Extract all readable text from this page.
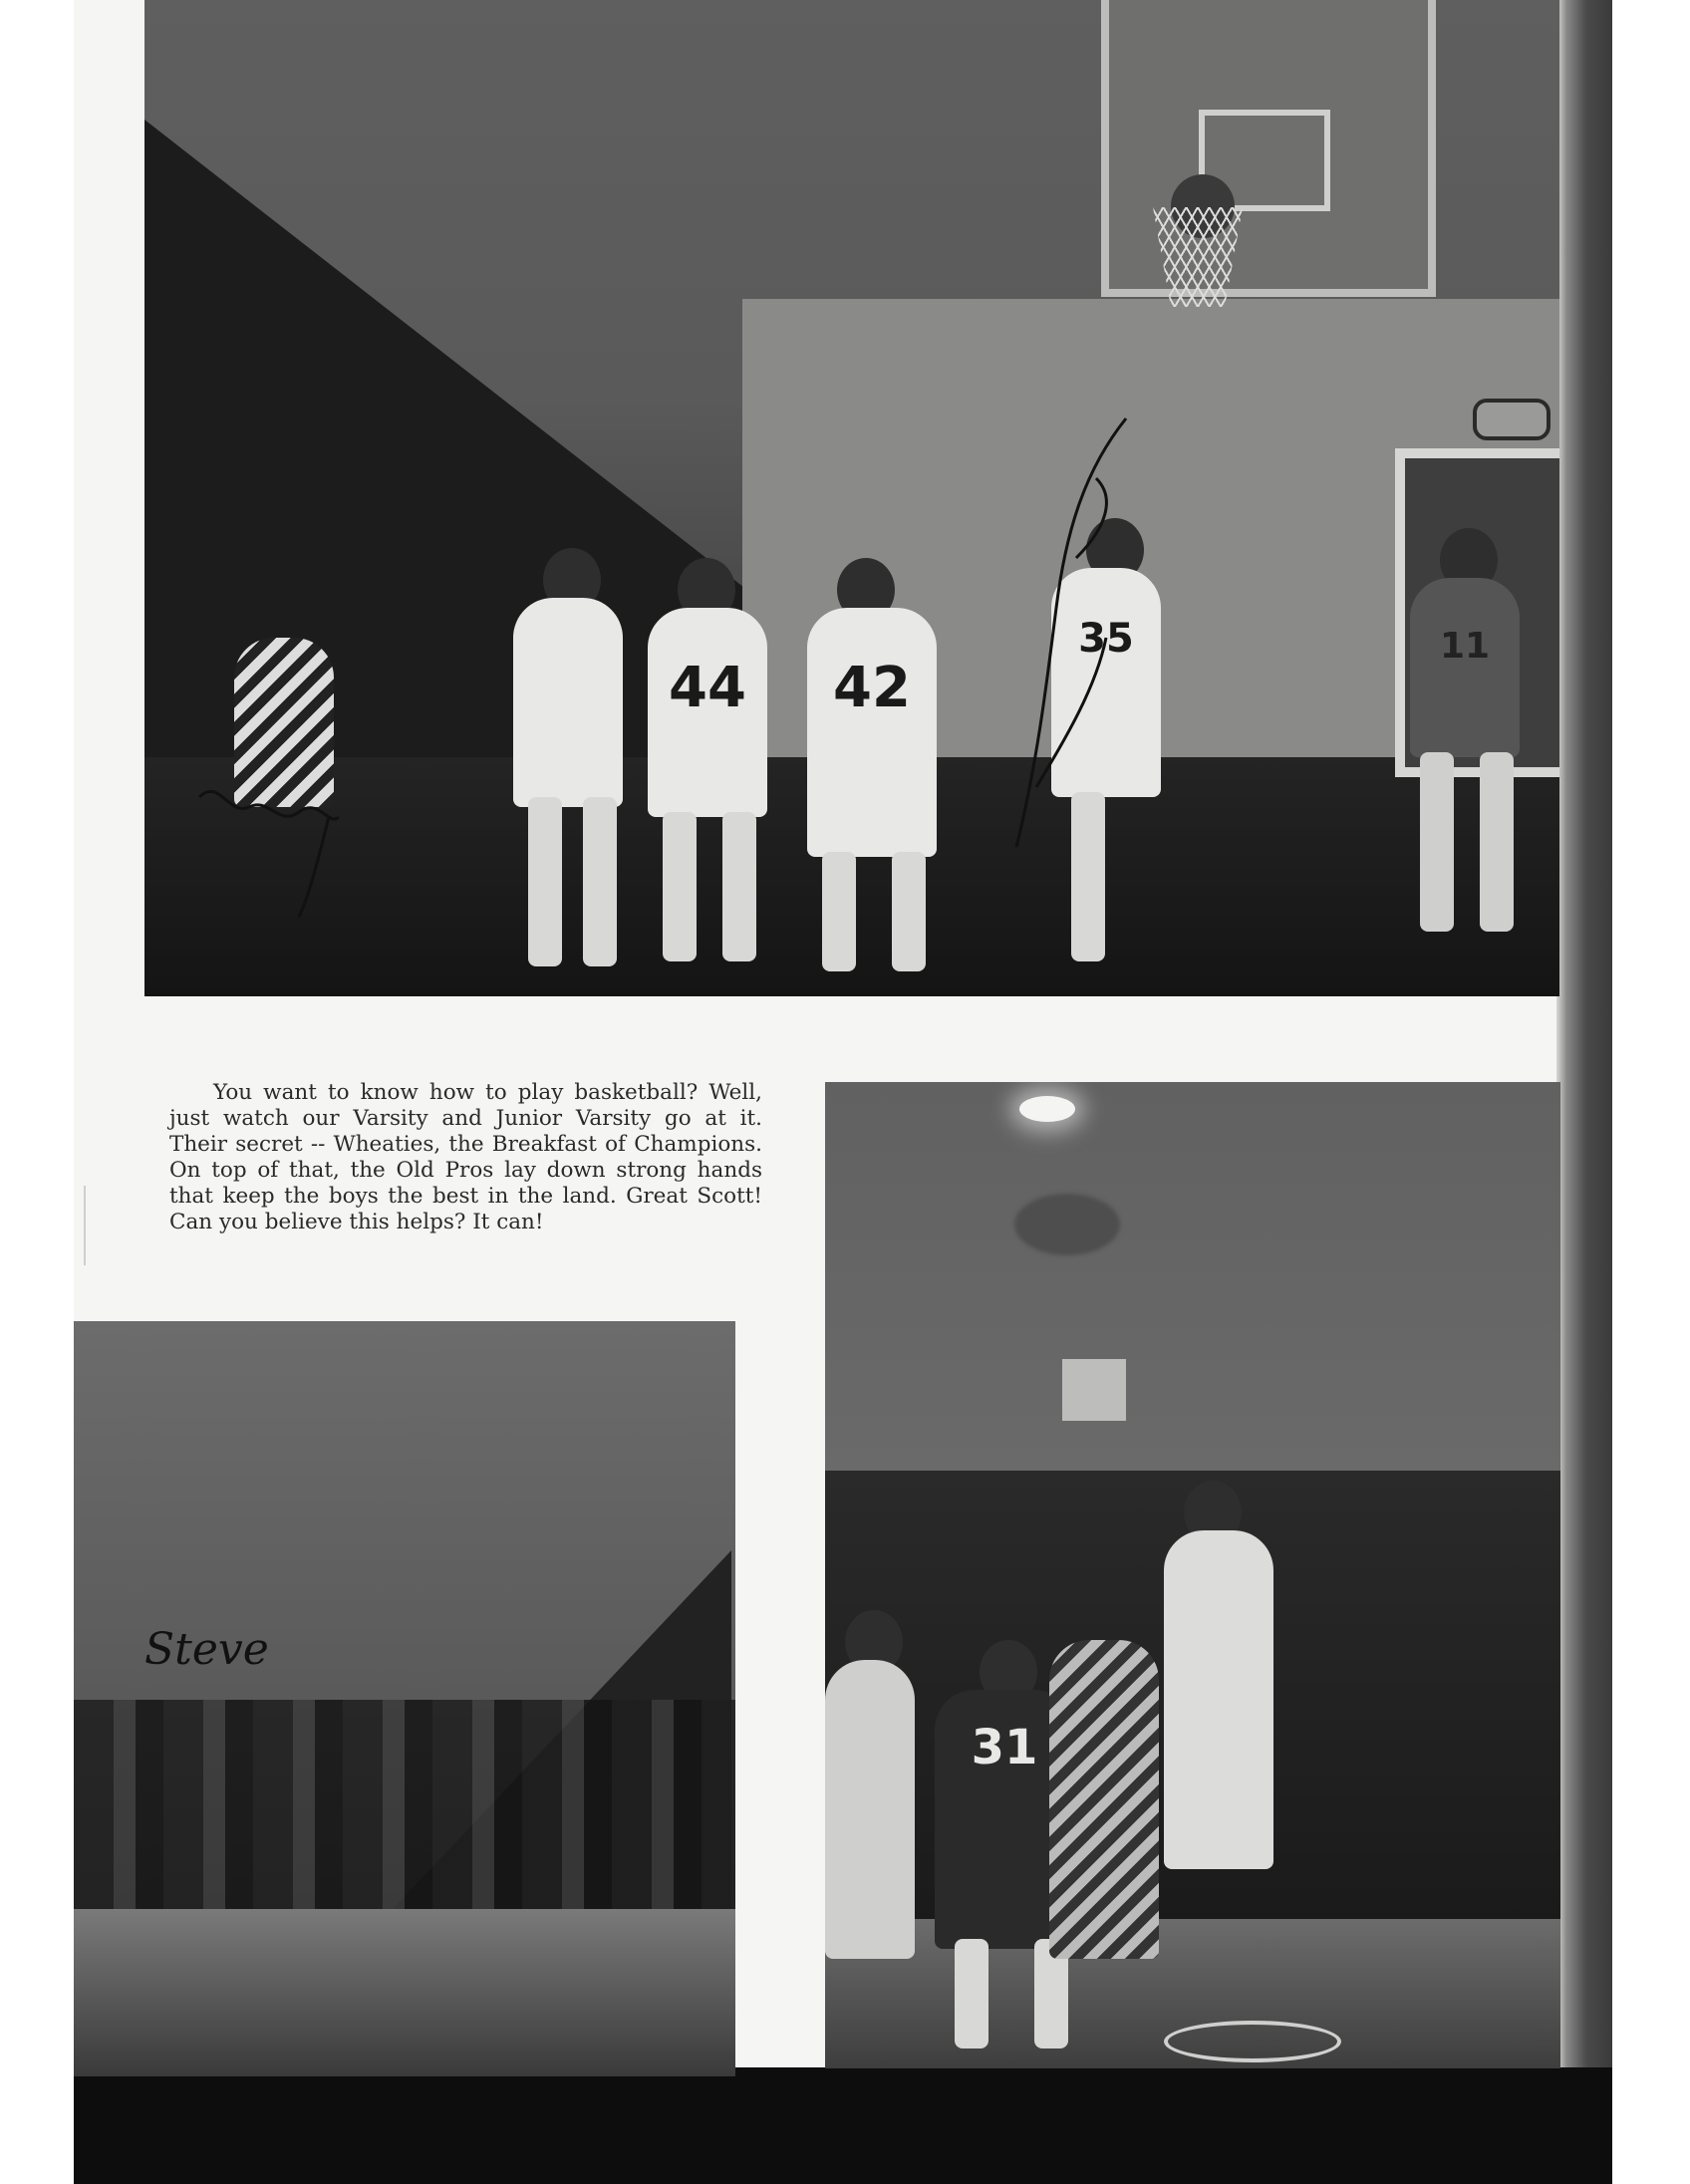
44	42
35	11

You want to know how to play basketball? Well, just watch our Varsity and Junior Varsity go at it. Their secret -- Wheaties, the Breakfast of Champions. On top of that, the Old Pros lay down strong hands that keep the boys the best in the land. Great Scott! Can you believe this helps? It can!

Steve
31
